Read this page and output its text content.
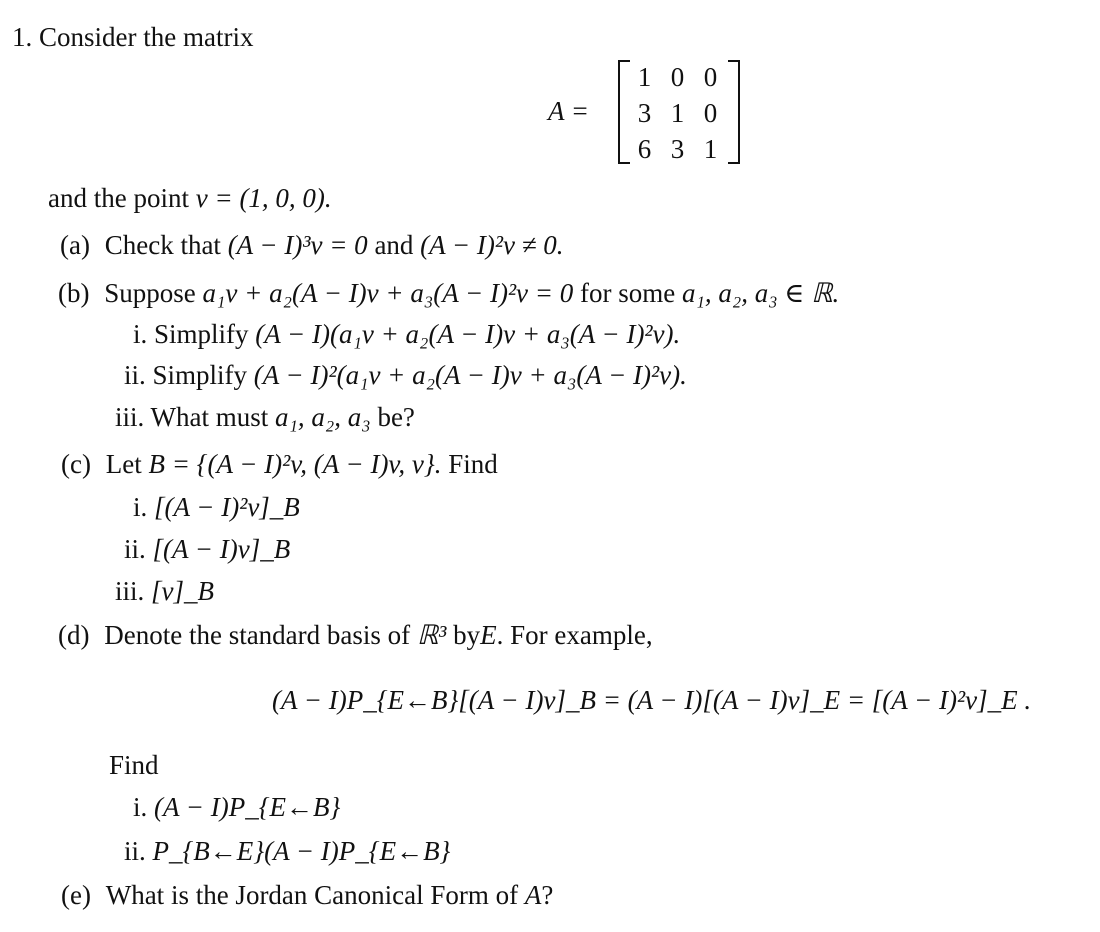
1. Consider the matrix
A =
1 0 0
3 1 0
6 3 1
and the point v = (1, 0, 0).
(a) Check that (A − I)³v = 0 and (A − I)²v ≠ 0.
(b) Suppose a₁v + a₂(A − I)v + a₃(A − I)²v = 0 for some a₁, a₂, a₃ ∈ ℝ.
i. Simplify (A − I)(a₁v + a₂(A − I)v + a₃(A − I)²v).
ii. Simplify (A − I)²(a₁v + a₂(A − I)v + a₃(A − I)²v).
iii. What must a₁, a₂, a₃ be?
(c) Let B = {(A − I)²v, (A − I)v, v}. Find
i. [(A − I)²v]_B
ii. [(A − I)v]_B
iii. [v]_B
(d) Denote the standard basis of ℝ³ byE. For example,
(A − I)P_{E←B}[(A − I)v]_B = (A − I)[(A − I)v]_E = [(A − I)²v]_E .
Find
i. (A − I)P_{E←B}
ii. P_{B←E}(A − I)P_{E←B}
(e) What is the Jordan Canonical Form of A?
